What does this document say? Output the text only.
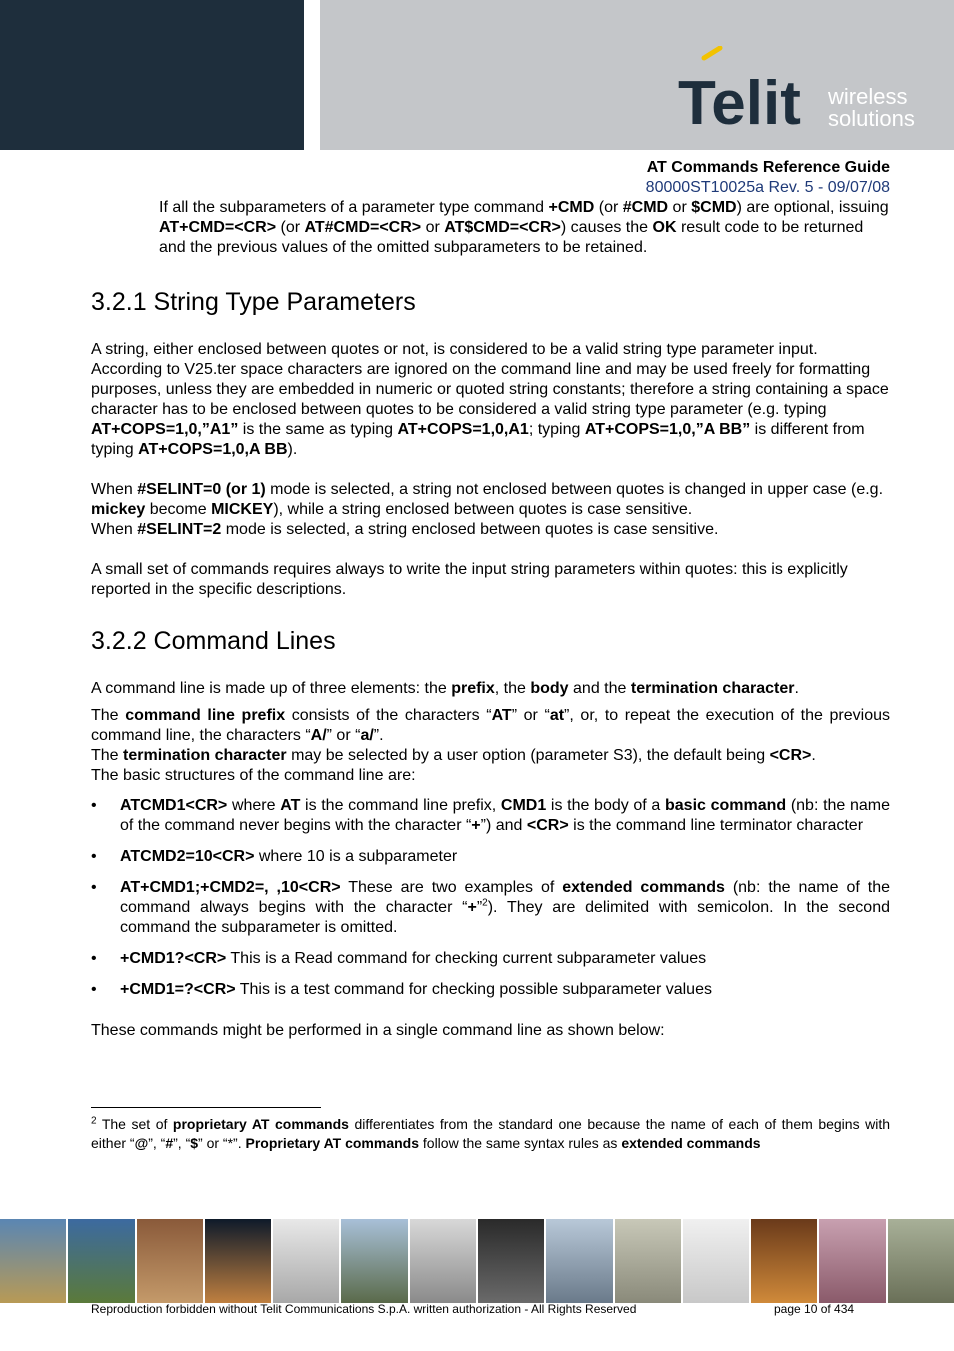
Telit wireless
solutions
AT Commands Reference Guide
80000ST10025a Rev. 5 - 09/07/08

If all the subparameters of a parameter type command +CMD (or #CMD or $CMD) are optional, issuing AT+CMD=<CR> (or AT#CMD=<CR> or AT$CMD=<CR>) causes the OK result code to be returned and the previous values of the omitted subparameters to be retained.

3.2.1 String Type Parameters

A string, either enclosed between quotes or not, is considered to be a valid string type parameter input. According to V25.ter space characters are ignored on the command line and may be used freely for formatting purposes, unless they are embedded in numeric or quoted string constants; therefore a string containing a space character has to be enclosed between quotes to be considered a valid string type parameter (e.g. typing AT+COPS=1,0,”A1” is the same as typing AT+COPS=1,0,A1; typing AT+COPS=1,0,”A BB” is different from typing AT+COPS=1,0,A BB).

When #SELINT=0 (or 1) mode is selected, a string not enclosed between quotes is changed in upper case (e.g. mickey become MICKEY), while a string enclosed between quotes is case sensitive.
When #SELINT=2 mode is selected, a string enclosed between quotes is case sensitive.

A small set of commands requires always to write the input string parameters within quotes: this is explicitly reported in the specific descriptions.

3.2.2 Command Lines

A command line is made up of three elements: the prefix, the body and the termination character.

The command line prefix consists of the characters “AT” or “at”, or, to repeat the execution of the previous command line, the characters “A/” or “a/”.

The termination character may be selected by a user option (parameter S3), the default being <CR>.

The basic structures of the command line are:

• ATCMD1<CR> where AT is the command line prefix, CMD1 is the body of a basic command (nb: the name of the command never begins with the character “+”) and <CR> is the command line terminator character
• ATCMD2=10<CR> where 10 is a subparameter
• AT+CMD1;+CMD2=, ,10<CR> These are two examples of extended commands (nb: the name of the command always begins with the character “+”$^2$). They are delimited with semicolon. In the second command the subparameter is omitted.
• +CMD1?<CR> This is a Read command for checking current subparameter values
• +CMD1=?<CR> This is a test command for checking possible subparameter values

These commands might be performed in a single command line as shown below:

$^2$ The set of proprietary AT commands differentiates from the standard one because the name of each of them begins with either “@”, “#”, “$” or “*”. Proprietary AT commands follow the same syntax rules as extended commands
Reproduction forbidden without Telit Communications S.p.A. written authorization - All Rights Reserved	page 10 of 434
